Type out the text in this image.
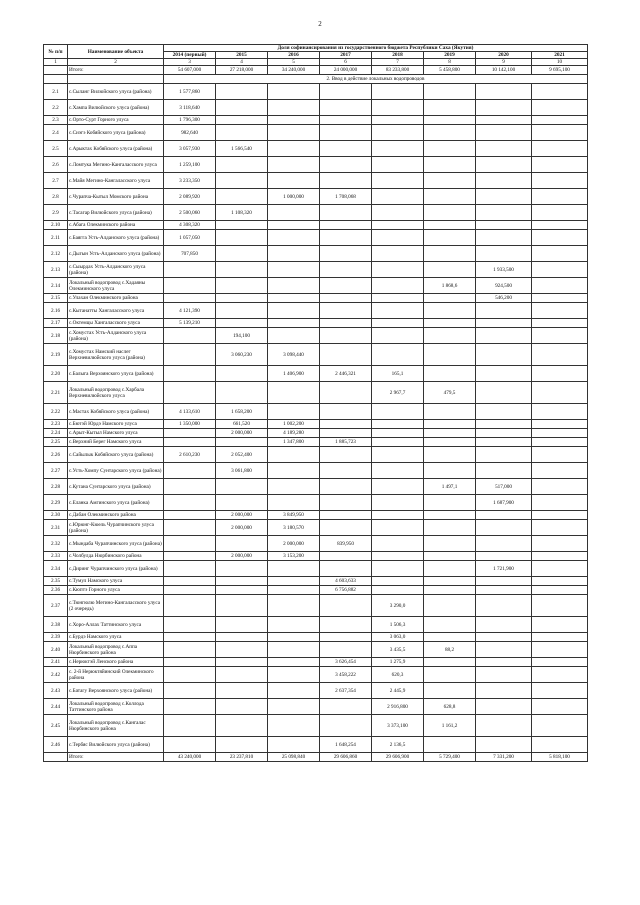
2
№ п/п	Наименование объекта	Доля софинансирования из государственного бюджета Республики Саха (Якутия)							
		2014 (первый)	2015	2016	2017	2018	2019	2020	2021
1	2	3	4	5	6	7	8	9	10
	Итого:	54 607,000	27 218,000	34 240,000	24 000,000	83 233,800	5 458,800	10 142,100	9 695,100
		2. Ввод в действие локальных водопроводов							
2.1	с.Сыланг Вилюйского улуса (района)	1 577,860							
2.2	с.Хампа Вилюйского улуса (района)	3 118,640							
2.3	с.Орто-Сурт Горного улуса	1 796,300							
2.4	с.Сиэгэ Кобяйского улуса (района)	982,640							
2.5	с.Арыктах Кобяйского улуса (района)	3 057,930	1 566,540						
2.6	с.Ломтука Мегино-Кангаласского улуса	1 259,100							
2.7	с.Майя Мегино-Кангаласского улуса	3 233,350							
2.8	с.Чурапча-Кытыл Момского района	2 089,920		1 000,000	1 708,068				
2.9	с.Тасагар Вилюйского улуса (района)	2 500,060	1 108,320						
2.10	с.Абага Олекминского района	4 308,320							
2.11	с.Баягга Усть-Алданского улуса (района)	1 057,050							
2.12	с.Дыгын Усть-Алданского улуса (района)	707,850							
2.13	с.Сыырдах Усть-Алданского улуса (района)							1 933,500	
2.14	Локальный водопровод с.Хадаяны Олекминского улуса						1 868,6	924,500	
2.15	с.Улахан Олекминского района							546,200	
2.16	с.Кытанатты Хангаласского улуса	4 121,390							
2.17	с.Октемцы Хангаласского улуса	5 139,210							
2.18	с.Хомустах Усть-Алданского улуса (района)		194,100						
2.19	с.Хомустах Намский наслег Верхневилюйского улуса (района)		3 060,230	3 098,440					
2.20	с.Балыга Верхоянского улуса (района)			1 406,900	2 446,321	165,1			
2.21	Локальный водопровод с.Харбала Верхневилюйского улуса					2 967,7	479,5		
2.22	с.Мастах Кобяйского улуса (района)	4 133,610	1 658,200						
2.23	с.Бютэй Юрдэ Намского улуса	1 350,000	661,520	1 002,200					
2.24	с.Арыт-Кытыл Намского улуса		2 000,000	4 189,280					
2.25	с.Верхний Берег Намского улуса			1 347,800	1 885,723				
2.26	с.Сайылык Кобяйского улуса (района)	2 610,230	2 052,400						
2.27	с.Усть-Хомпу Сунтарского улуса (района)		3 061,800						
2.28	с.Кутана Сунтарского улуса (района)						1 497,1	517,000	
2.29	с.Еланка Амгинского улуса (района)							1 687,900	
2.30	с.Дабан Олекминского района		2 000,000	3 849,950					
2.31	с.Юрюнг-Кюель Чурапчинского улуса (района)		2 000,000	3 180,570					
2.32	с.Мындаба Чурапчинского улуса (района)			2 000,000	839,950				
2.33	с.Чолбулда Нюрбинского района		2 000,000	3 153,200					
2.34	с.Диринг Чурапчинского улуса (района)							1 721,900	
2.35	с.Тумул Намского улуса				4 603,633				
2.36	с.Кюптэ Горного улуса				6 756,882				
2.37	с.Тюнгюлю Мегино-Кангаласского улуса (2 очередь)					3 290,0			
2.38	с.Хоро-Аллах Таттинского улуса					1 506,3			
2.39	с.Бурдэ Намского улуса					3 063,0			
2.40	Локальный водопровод с.Аппа Нюрбинского района					3 435,5	88,2		
2.41	с.Нерюктэй Ленского района				3 626,454	1 275,9			
2.42	с. 2-й Нерюктяйинский Олекминского района				3 458,222	620,3			
2.43	с.Батагу Верхоянского улуса (района)				2 637,354	2 445,9			
2.44	Локальный водопровод с.Коллода Таттинского района					2 916,800	628,8		
2.45	Локальный водопровод с.Кангалас Нюрбинского района					3 373,100	1 161,2		
2.46	с.Тербяс Вилюйского улуса (района)				1 648,254	2 136,5			
	Итого:	43 240,000	23 237,810	25 098,840	29 606,860	29 606,900	5 729,400	7 331,200	5 818,100
